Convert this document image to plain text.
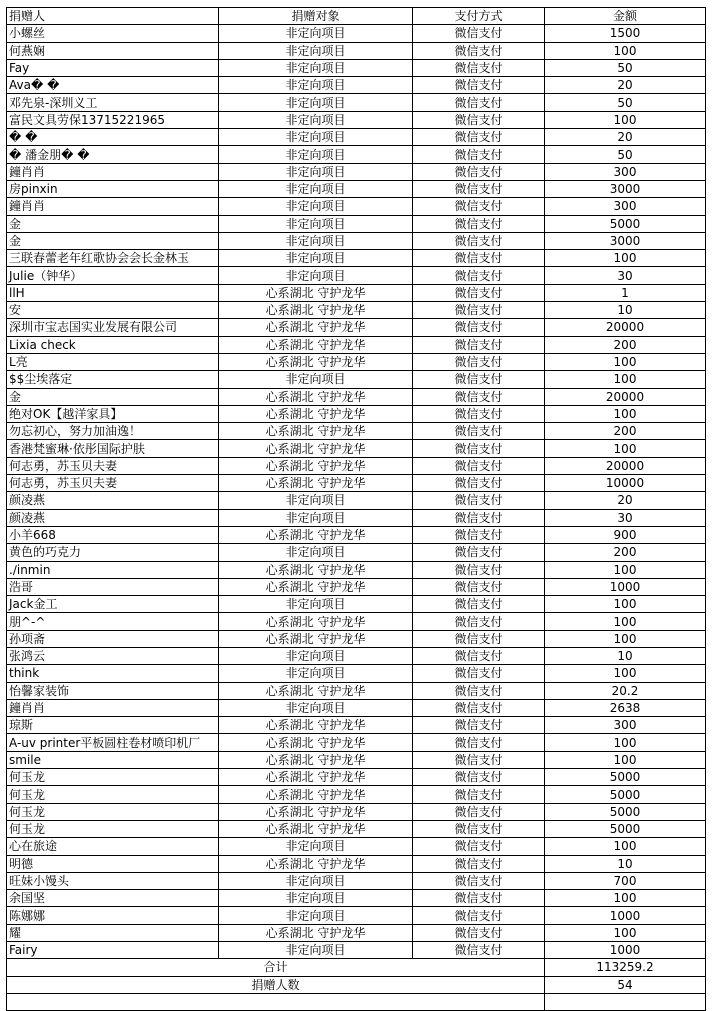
捐赠人	捐赠对象	支付方式	金额
小螺丝	非定向项目	微信支付	1500
何燕娴	非定向项目	微信支付	100
Fay	非定向项目	微信支付	50
Ava� �	非定向项目	微信支付	20
邓先泉-深圳义工	非定向项目	微信支付	50
富民文具劳保13715221965	非定向项目	微信支付	100
� �	非定向项目	微信支付	20
� 潘金朋� �	非定向项目	微信支付	50
鐘肖肖	非定向项目	微信支付	300
房pinxin	非定向项目	微信支付	3000
鐘肖肖	非定向项目	微信支付	300
金	非定向项目	微信支付	5000
金	非定向项目	微信支付	3000
三联春蕾老年红歌协会会长金林玉	非定向项目	微信支付	100
Julie（钟华）	非定向项目	微信支付	30
llH	心系湖北 守护龙华	微信支付	1
安	心系湖北 守护龙华	微信支付	10
深圳市宝志国实业发展有限公司	心系湖北 守护龙华	微信支付	20000
Lixia check	心系湖北 守护龙华	微信支付	200
L亮	心系湖北 守护龙华	微信支付	100
$$尘埃落定	非定向项目	微信支付	100
金	心系湖北 守护龙华	微信支付	20000
绝对OK【越洋家具】	心系湖北 守护龙华	微信支付	100
勿忘初心，努力加油逸！	心系湖北 守护龙华	微信支付	200
香港梵蜜琳·依彤国际护肤	心系湖北 守护龙华	微信支付	100
何志勇，苏玉贝夫妻	心系湖北 守护龙华	微信支付	20000
何志勇，苏玉贝夫妻	心系湖北 守护龙华	微信支付	10000
颜凌燕	非定向项目	微信支付	20
颜凌燕	非定向项目	微信支付	30
小羊668	心系湖北 守护龙华	微信支付	900
黄色的巧克力	非定向项目	微信支付	200
.∕inmin	心系湖北 守护龙华	微信支付	100
浩哥	心系湖北 守护龙华	微信支付	1000
Jack金工	非定向项目	微信支付	100
朋^-^	心系湖北 守护龙华	微信支付	100
孙项斋	心系湖北 守护龙华	微信支付	100
张鸿云	非定向项目	微信支付	10
think	非定向项目	微信支付	100
怡馨家装饰	心系湖北 守护龙华	微信支付	20.2
鐘肖肖	非定向项目	微信支付	2638
琼斯	心系湖北 守护龙华	微信支付	300
A-uv printer平板圆柱卷材喷印机厂	心系湖北 守护龙华	微信支付	100
smile	心系湖北 守护龙华	微信支付	100
何玉龙	心系湖北 守护龙华	微信支付	5000
何玉龙	心系湖北 守护龙华	微信支付	5000
何玉龙	心系湖北 守护龙华	微信支付	5000
何玉龙	心系湖北 守护龙华	微信支付	5000
心在旅途	非定向项目	微信支付	100
明德	心系湖北 守护龙华	微信支付	10
旺妹小馒头	非定向项目	微信支付	700
余国坚	非定向项目	微信支付	100
陈娜娜	非定向项目	微信支付	1000
耀	心系湖北 守护龙华	微信支付	100
Fairy	非定向项目	微信支付	1000
合计			113259.2
捐赠人数			54
